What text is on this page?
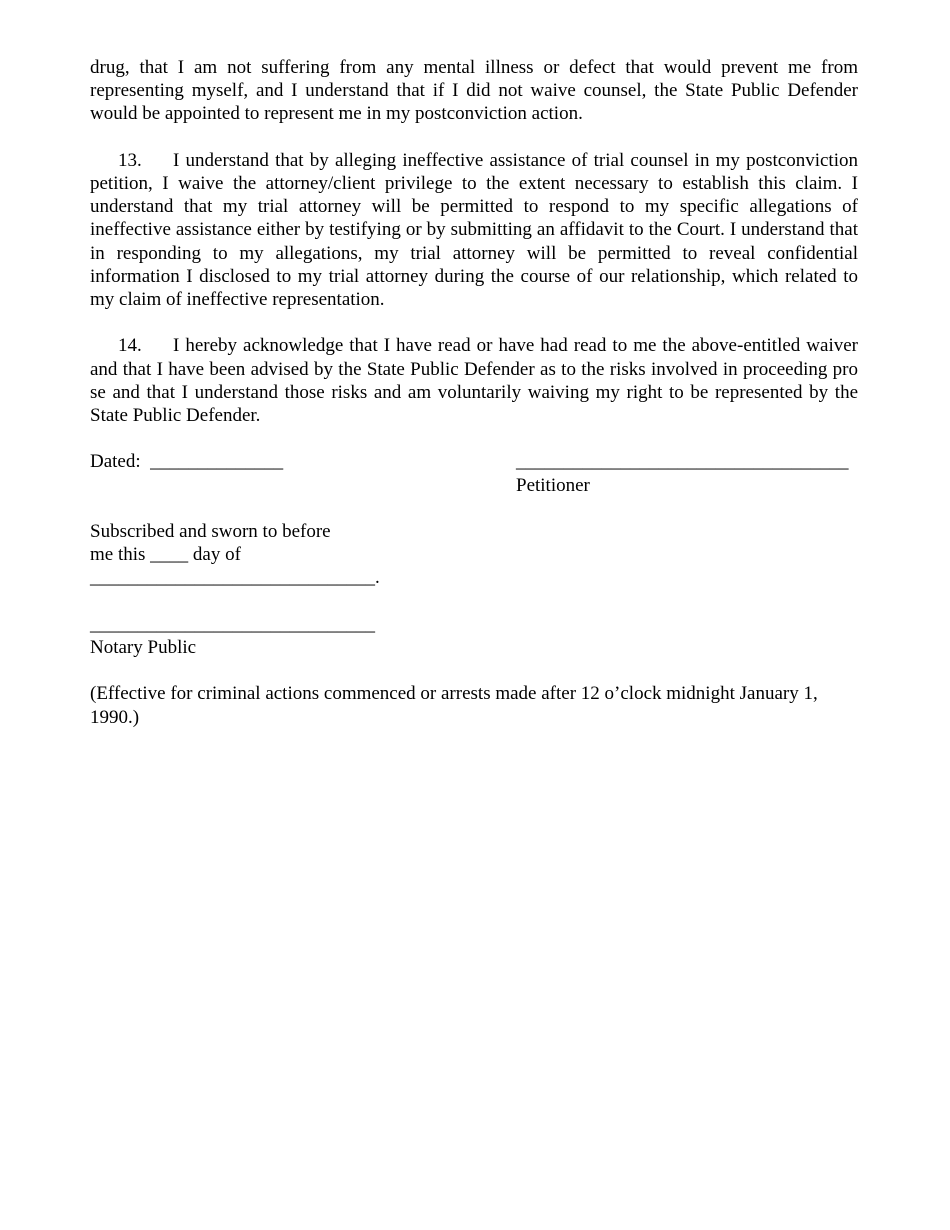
drug, that I am not suffering from any mental illness or defect that would prevent me from representing myself, and I understand that if I did not waive counsel, the State Public Defender would be appointed to represent me in my postconviction action.

13. I understand that by alleging ineffective assistance of trial counsel in my postconviction petition, I waive the attorney/client privilege to the extent necessary to establish this claim. I understand that my trial attorney will be permitted to respond to my specific allegations of ineffective assistance either by testifying or by submitting an affidavit to the Court. I understand that in responding to my allegations, my trial attorney will be permitted to reveal confidential information I disclosed to my trial attorney during the course of our relationship, which related to my claim of ineffective representation.

14. I hereby acknowledge that I have read or have had read to me the above-entitled waiver and that I have been advised by the State Public Defender as to the risks involved in proceeding pro se and that I understand those risks and am voluntarily waiving my right to be represented by the State Public Defender.

Dated:  ______________	___________________________________
Petitioner

Subscribed and sworn to before

me this ____ day of

______________________________.

______________________________

Notary Public

(Effective for criminal actions commenced or arrests made after 12 o’clock midnight January 1, 1990.)
